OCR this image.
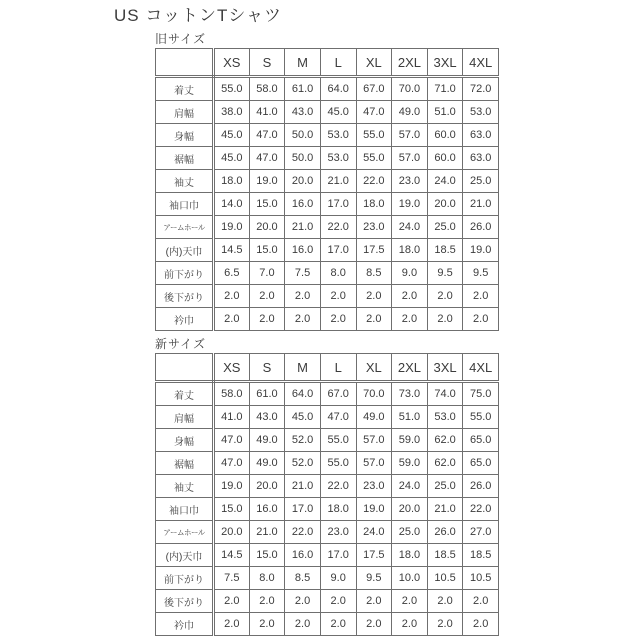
US コットンTシャツ
旧サイズ
	XS	S	M	L	XL	2XL	3XL	4XL
着丈	55.0	58.0	61.0	64.0	67.0	70.0	71.0	72.0
肩幅	38.0	41.0	43.0	45.0	47.0	49.0	51.0	53.0
身幅	45.0	47.0	50.0	53.0	55.0	57.0	60.0	63.0
裾幅	45.0	47.0	50.0	53.0	55.0	57.0	60.0	63.0
袖丈	18.0	19.0	20.0	21.0	22.0	23.0	24.0	25.0
袖口巾	14.0	15.0	16.0	17.0	18.0	19.0	20.0	21.0
アームホール	19.0	20.0	21.0	22.0	23.0	24.0	25.0	26.0
(内)天巾	14.5	15.0	16.0	17.0	17.5	18.0	18.5	19.0
前下がり	6.5	7.0	7.5	8.0	8.5	9.0	9.5	9.5
後下がり	2.0	2.0	2.0	2.0	2.0	2.0	2.0	2.0
衿巾	2.0	2.0	2.0	2.0	2.0	2.0	2.0	2.0
新サイズ
	XS	S	M	L	XL	2XL	3XL	4XL
着丈	58.0	61.0	64.0	67.0	70.0	73.0	74.0	75.0
肩幅	41.0	43.0	45.0	47.0	49.0	51.0	53.0	55.0
身幅	47.0	49.0	52.0	55.0	57.0	59.0	62.0	65.0
裾幅	47.0	49.0	52.0	55.0	57.0	59.0	62.0	65.0
袖丈	19.0	20.0	21.0	22.0	23.0	24.0	25.0	26.0
袖口巾	15.0	16.0	17.0	18.0	19.0	20.0	21.0	22.0
アームホール	20.0	21.0	22.0	23.0	24.0	25.0	26.0	27.0
(内)天巾	14.5	15.0	16.0	17.0	17.5	18.0	18.5	18.5
前下がり	7.5	8.0	8.5	9.0	9.5	10.0	10.5	10.5
後下がり	2.0	2.0	2.0	2.0	2.0	2.0	2.0	2.0
衿巾	2.0	2.0	2.0	2.0	2.0	2.0	2.0	2.0
